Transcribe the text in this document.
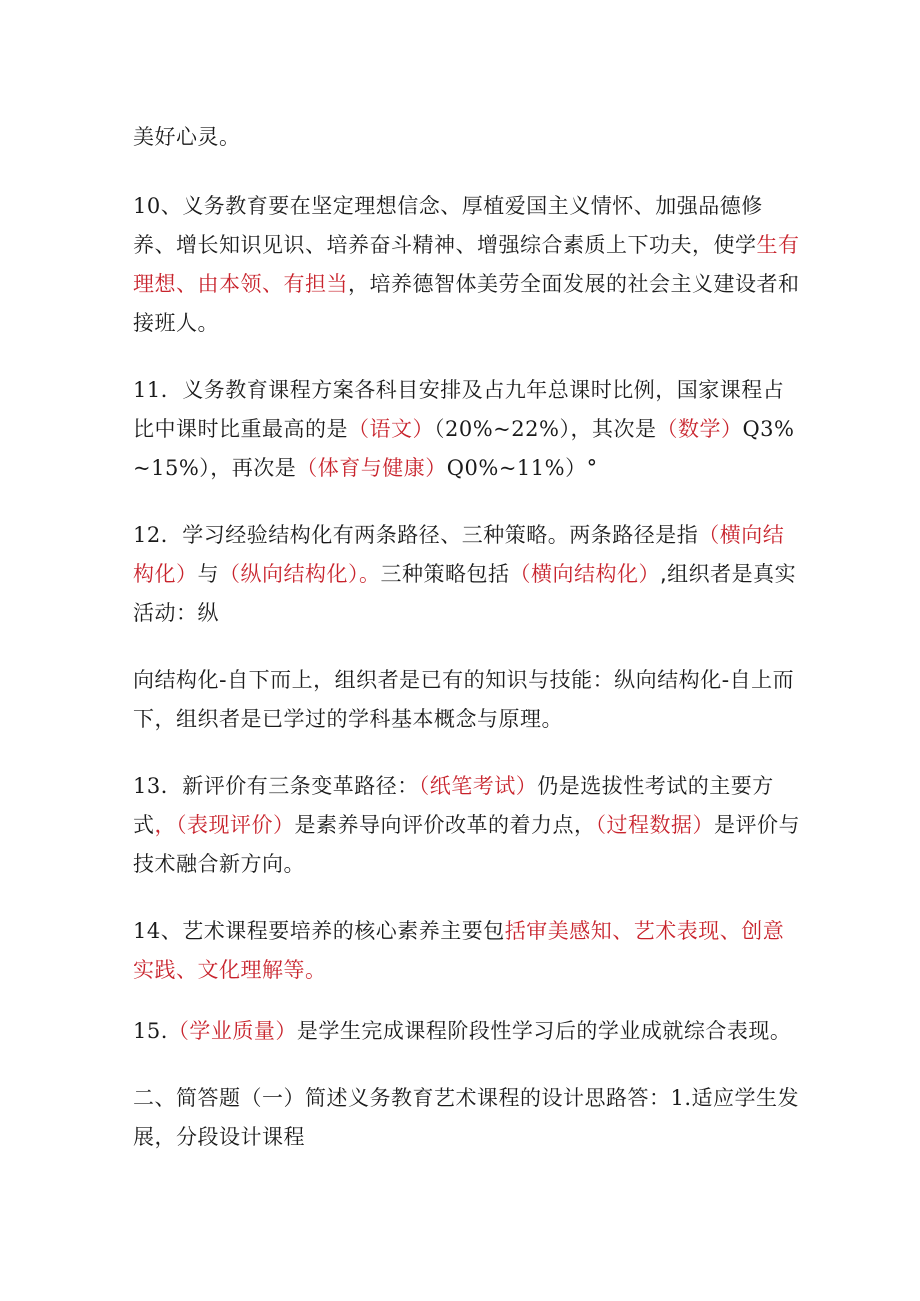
美好心灵。

10、义务教育要在坚定理想信念、厚植爱国主义情怀、加强品德修养、增长知识见识、培养奋斗精神、增强综合素质上下功夫，使学生有理想、由本领、有担当，培养德智体美劳全面发展的社会主义建设者和接班人。

11．义务教育课程方案各科目安排及占九年总课时比例，国家课程占比中课时比重最高的是（语文）（20%~22%），其次是（数学）Q3%~15%），再次是（体育与健康）Q0%~11%）°

12．学习经验结构化有两条路径、三种策略。两条路径是指（横向结构化）与（纵向结构化）。三种策略包括（横向结构化）,组织者是真实活动：纵

向结构化-自下而上，组织者是已有的知识与技能：纵向结构化-自上而下，组织者是已学过的学科基本概念与原理。

13．新评价有三条变革路径：（纸笔考试）仍是选拔性考试的主要方式，（表现评价）是素养导向评价改革的着力点，（过程数据）是评价与技术融合新方向。

14、艺术课程要培养的核心素养主要包括审美感知、艺术表现、创意实践、文化理解等。

15.（学业质量）是学生完成课程阶段性学习后的学业成就综合表现。

二、简答题（一）简述义务教育艺术课程的设计思路答：1.适应学生发展，分段设计课程
